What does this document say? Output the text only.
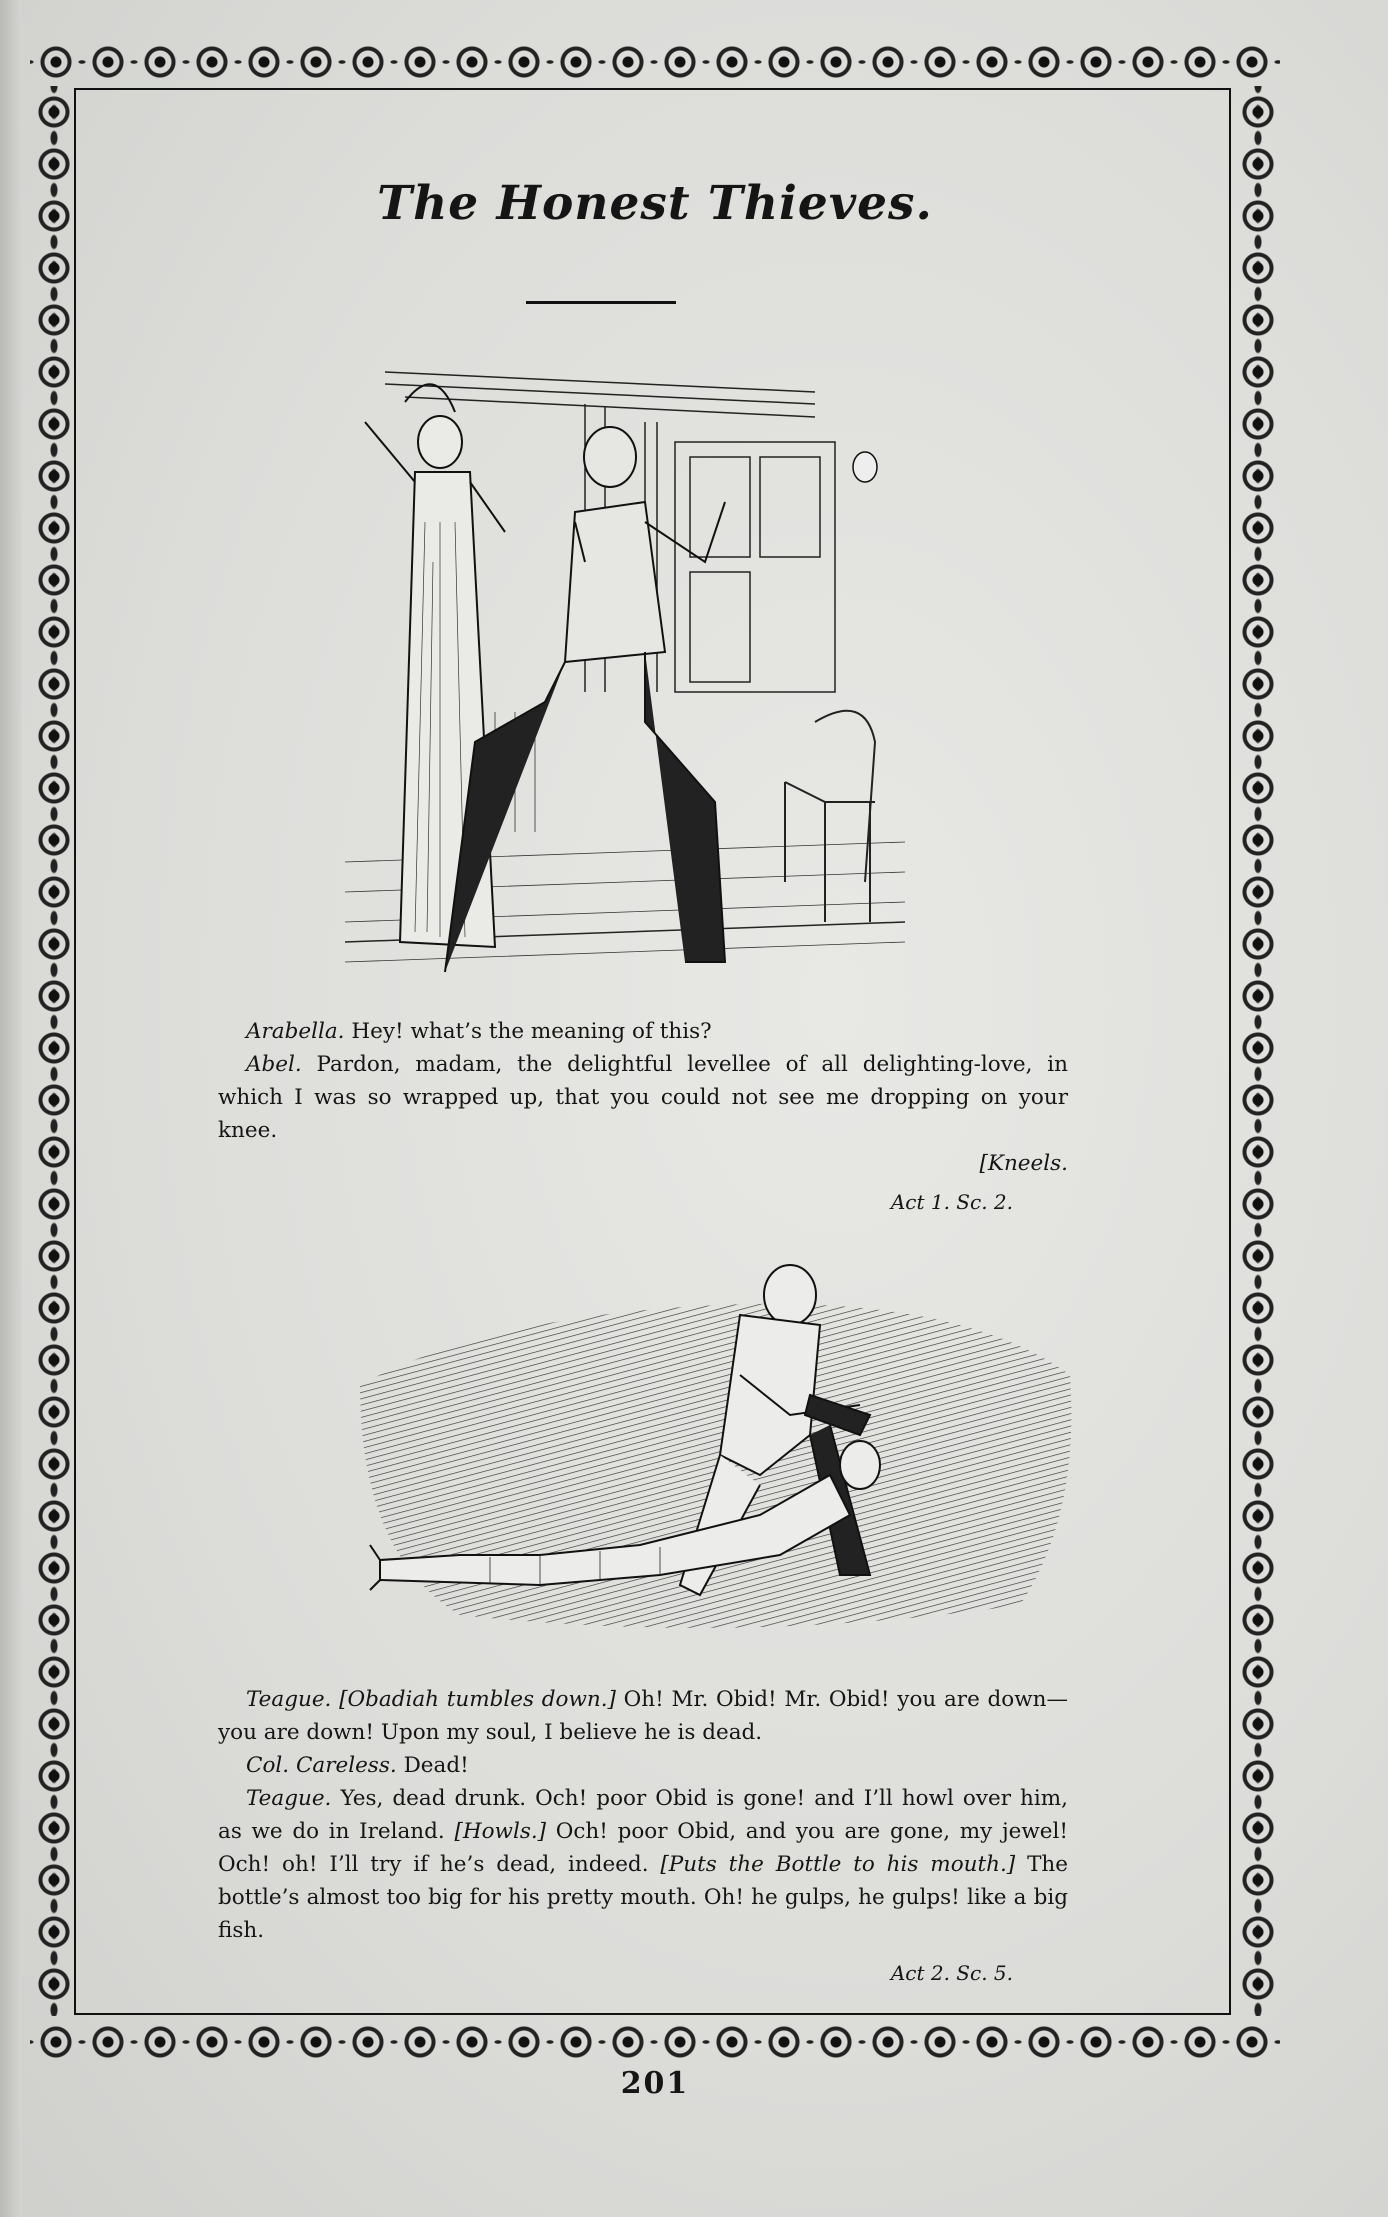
The Honest Thieves.

Arabella. Hey! what’s the meaning of this?

Abel. Pardon, madam, the delightful levellee of all delighting-love, in which I was so wrapped up, that you could not see me dropping on your knee.

[Kneels.

Act 1. Sc. 2.

Teague. [Obadiah tumbles down.] Oh! Mr. Obid! Mr. Obid! you are down—you are down! Upon my soul, I believe he is dead.

Col. Careless. Dead!

Teague. Yes, dead drunk. Och! poor Obid is gone! and I’ll howl over him, as we do in Ireland. [Howls.] Och! poor Obid, and you are gone, my jewel! Och! oh! I’ll try if he’s dead, indeed. [Puts the Bottle to his mouth.] The bottle’s almost too big for his pretty mouth. Oh! he gulps, he gulps! like a big fish.

Act 2. Sc. 5.

201
